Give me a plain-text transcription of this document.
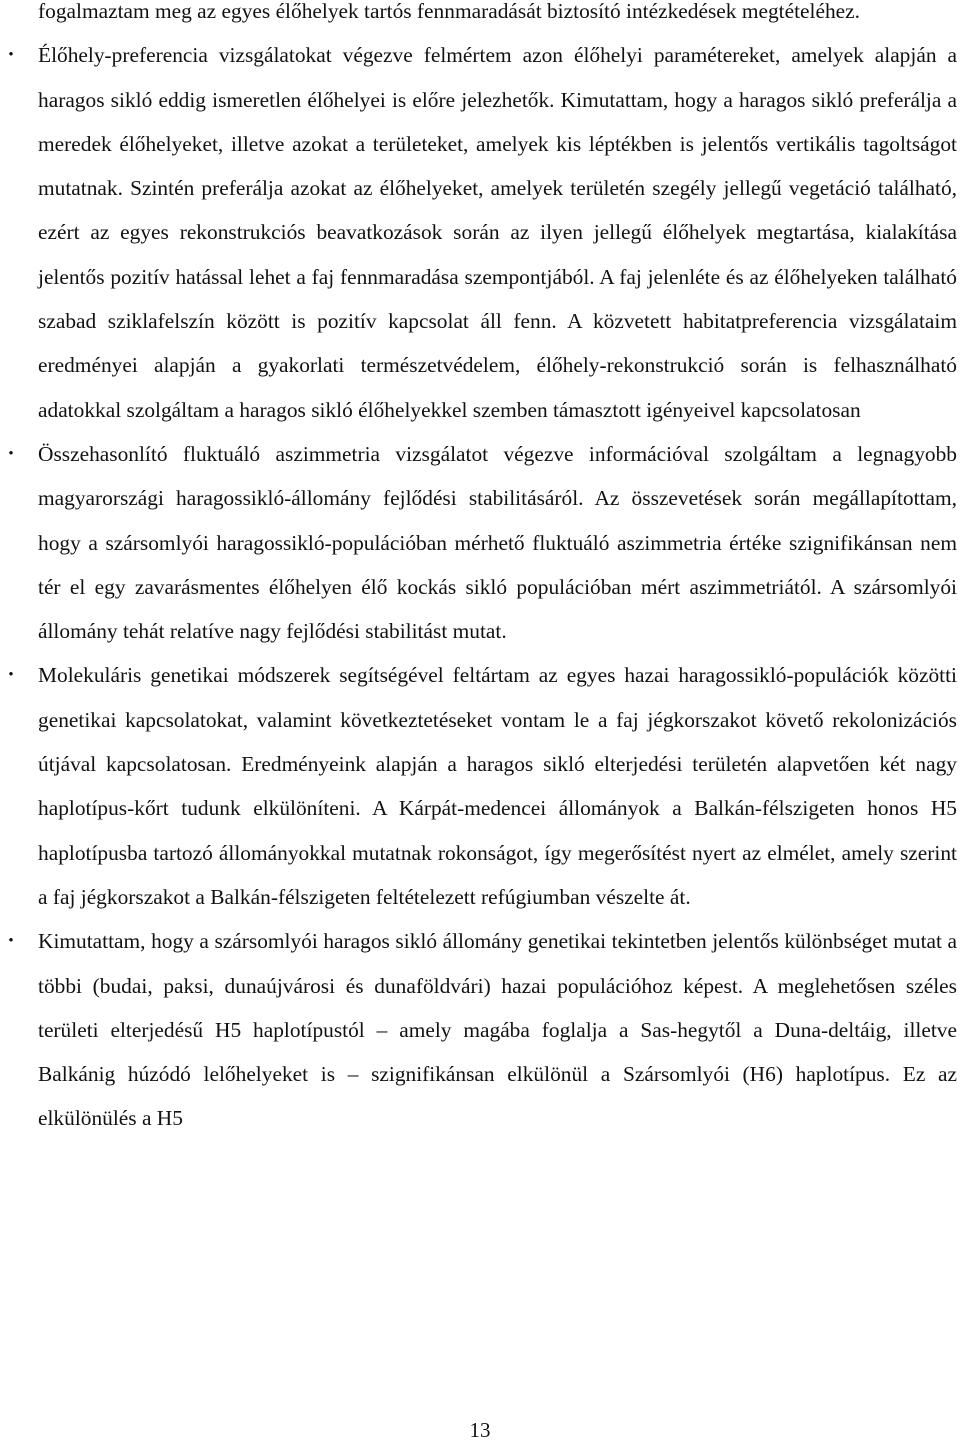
fogalmaztam meg az egyes élőhelyek tartós fennmaradását biztosító intézkedések megtételéhez.

• Élőhely-preferencia vizsgálatokat végezve felmértem azon élőhelyi paramétereket, amelyek alapján a haragos sikló eddig ismeretlen élőhelyei is előre jelezhetők. Kimutattam, hogy a haragos sikló preferálja a meredek élőhelyeket, illetve azokat a területeket, amelyek kis léptékben is jelentős vertikális tagoltságot mutatnak. Szintén preferálja azokat az élőhelyeket, amelyek területén szegély jellegű vegetáció található, ezért az egyes rekonstrukciós beavatkozások során az ilyen jellegű élőhelyek megtartása, kialakítása jelentős pozitív hatással lehet a faj fennmaradása szempontjából. A faj jelenléte és az élőhelyeken található szabad sziklafelszín között is pozitív kapcsolat áll fenn. A közvetett habitatpreferencia vizsgálataim eredményei alapján a gyakorlati természetvédelem, élőhely-rekonstrukció során is felhasználható adatokkal szolgáltam a haragos sikló élőhelyekkel szemben támasztott igényeivel kapcsolatosan
• Összehasonlító fluktuáló aszimmetria vizsgálatot végezve információval szolgáltam a legnagyobb magyarországi haragossikló-állomány fejlődési stabilitásáról. Az összevetések során megállapítottam, hogy a szársomlyói haragossikló-populációban mérhető fluktuáló aszimmetria értéke szignifikánsan nem tér el egy zavarásmentes élőhelyen élő kockás sikló populációban mért aszimmetriától. A szársomlyói állomány tehát relatíve nagy fejlődési stabilitást mutat.
• Molekuláris genetikai módszerek segítségével feltártam az egyes hazai haragossikló-populációk közötti genetikai kapcsolatokat, valamint következtetéseket vontam le a faj jégkorszakot követő rekolonizációs útjával kapcsolatosan. Eredményeink alapján a haragos sikló elterjedési területén alapvetően két nagy haplotípus-kőrt tudunk elkülöníteni. A Kárpát-medencei állományok a Balkán-félszigeten honos H5 haplotípusba tartozó állományokkal mutatnak rokonságot, így megerősítést nyert az elmélet, amely szerint a faj jégkorszakot a Balkán-félszigeten feltételezett refúgiumban vészelte át.
• Kimutattam, hogy a szársomlyói haragos sikló állomány genetikai tekintetben jelentős különbséget mutat a többi (budai, paksi, dunaújvárosi és dunaföldvári) hazai populációhoz képest. A meglehetősen széles területi elterjedésű H5 haplotípustól – amely magába foglalja a Sas-hegytől a Duna-deltáig, illetve Balkánig húzódó lelőhelyeket is – szignifikánsan elkülönül a Szársomlyói (H6) haplotípus. Ez az elkülönülés a H5
13
